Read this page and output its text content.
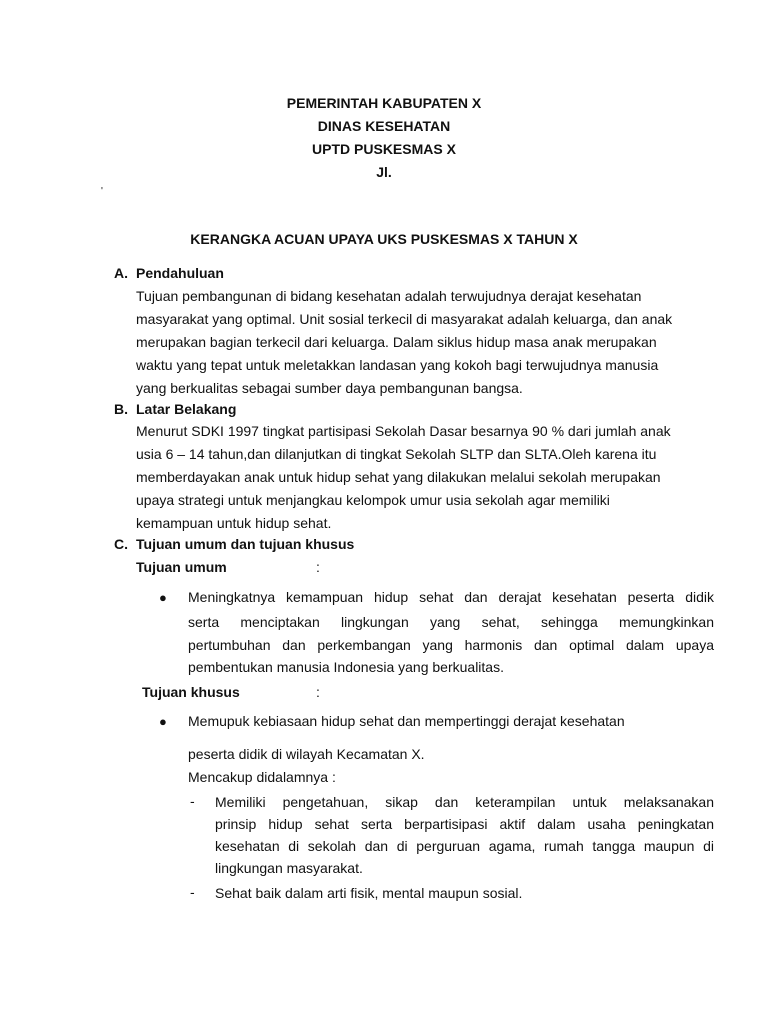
PEMERINTAH KABUPATEN X
DINAS KESEHATAN
UPTD PUSKESMAS X
Jl.
'
KERANGKA ACUAN UPAYA UKS PUSKESMAS X TAHUN X
A. Pendahuluan
Tujuan pembangunan di bidang kesehatan adalah terwujudnya derajat kesehatan
masyarakat yang optimal. Unit sosial terkecil di masyarakat adalah keluarga, dan anak
merupakan bagian terkecil dari keluarga. Dalam siklus hidup masa anak merupakan
waktu yang tepat untuk meletakkan landasan yang kokoh bagi terwujudnya manusia
yang berkualitas sebagai sumber daya pembangunan bangsa.
B. Latar Belakang
Menurut SDKI 1997 tingkat partisipasi Sekolah Dasar besarnya 90 % dari jumlah anak
usia 6 – 14 tahun,dan dilanjutkan di tingkat Sekolah SLTP dan SLTA.Oleh karena itu
memberdayakan anak untuk hidup sehat yang dilakukan melalui sekolah merupakan
upaya strategi untuk menjangkau kelompok umur usia sekolah agar memiliki
kemampuan untuk hidup sehat.
C. Tujuan umum dan tujuan khusus
Tujuan umum	:
● Meningkatnya kemampuan hidup sehat dan derajat kesehatan peserta didik
serta menciptakan lingkungan yang sehat, sehingga memungkinkan
pertumbuhan dan perkembangan yang harmonis dan optimal dalam upaya
pembentukan manusia Indonesia yang berkualitas.
Tujuan khusus	:
● Memupuk kebiasaan hidup sehat dan mempertinggi derajat kesehatan
peserta didik di wilayah Kecamatan X.
Mencakup didalamnya :
- Memiliki pengetahuan, sikap dan keterampilan untuk melaksanakan
prinsip hidup sehat serta berpartisipasi aktif dalam usaha peningkatan
kesehatan di sekolah dan di perguruan agama, rumah tangga maupun di
lingkungan masyarakat.
- Sehat baik dalam arti fisik, mental maupun sosial.
